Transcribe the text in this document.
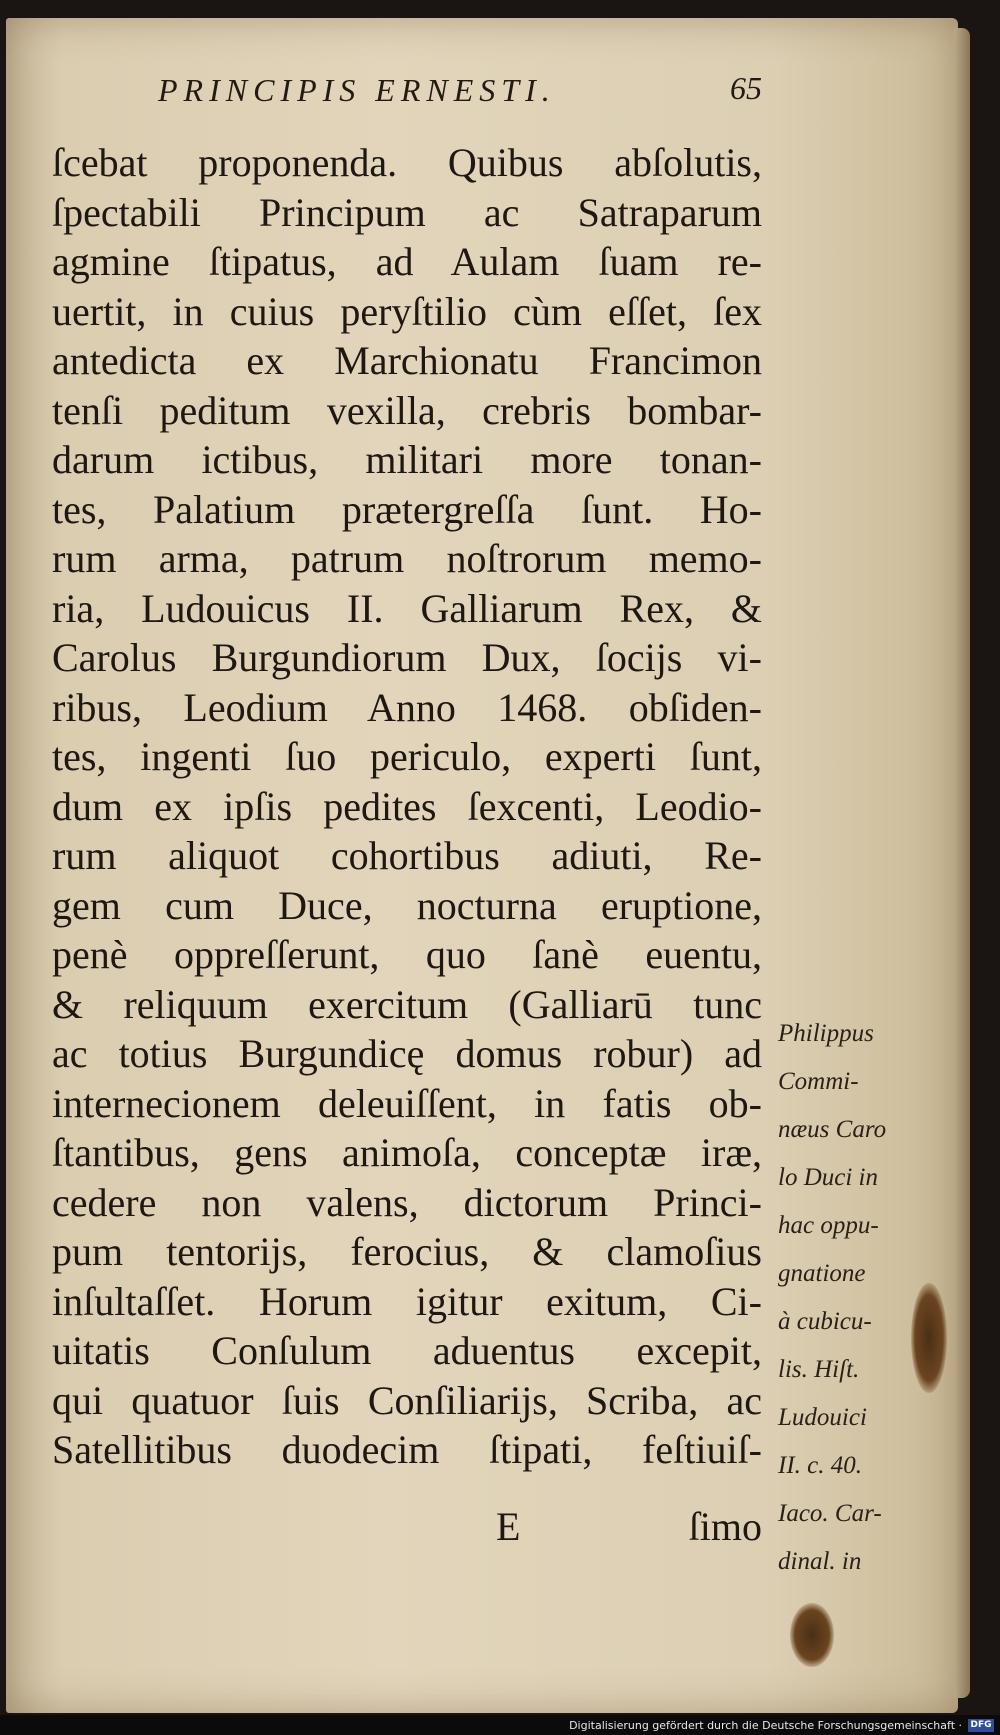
PRINCIPIS ERNESTI.	65
ſcebat proponenda. Quibus abſolutis,
ſpectabili Principum ac Satraparum
agmine ſtipatus, ad Aulam ſuam re-
uertit, in cuius peryſtilio cùm eſſet, ſex
antedicta ex Marchionatu Francimon
tenſi peditum vexilla, crebris bombar-
darum ictibus, militari more tonan-
tes, Palatium prætergreſſa ſunt. Ho-
rum arma, patrum noſtrorum memo-
ria, Ludouicus II. Galliarum Rex, &
Carolus Burgundiorum Dux, ſocijs vi-
ribus, Leodium Anno 1468. obſiden-
tes, ingenti ſuo periculo, experti ſunt,
dum ex ipſis pedites ſexcenti, Leodio-
rum aliquot cohortibus adiuti, Re-
gem cum Duce, nocturna eruptione,
penè oppreſſerunt, quo ſanè euentu,
& reliquum exercitum (Galliarū tunc
ac totius Burgundicę domus robur) ad
internecionem deleuiſſent, in fatis ob-
ſtantibus, gens animoſa, conceptæ iræ,
cedere non valens, dictorum Princi-
pum tentorijs, ferocius, & clamoſius
inſultaſſet. Horum igitur exitum, Ci-
uitatis Conſulum aduentus excepit,
qui quatuor ſuis Conſiliarijs, Scriba, ac
Satellitibus duodecim ſtipati, feſtiuiſ-
E	ſimo
Philippus
Commi-
næus Caro
lo Duci in
hac oppu-
gnatione
à cubicu-
lis. Hiſt.
Ludouici
II. c. 40.
Iaco. Car-
dinal. in
Digitalisierung gefördert durch die Deutsche Forschungsgemeinschaft · DFG
